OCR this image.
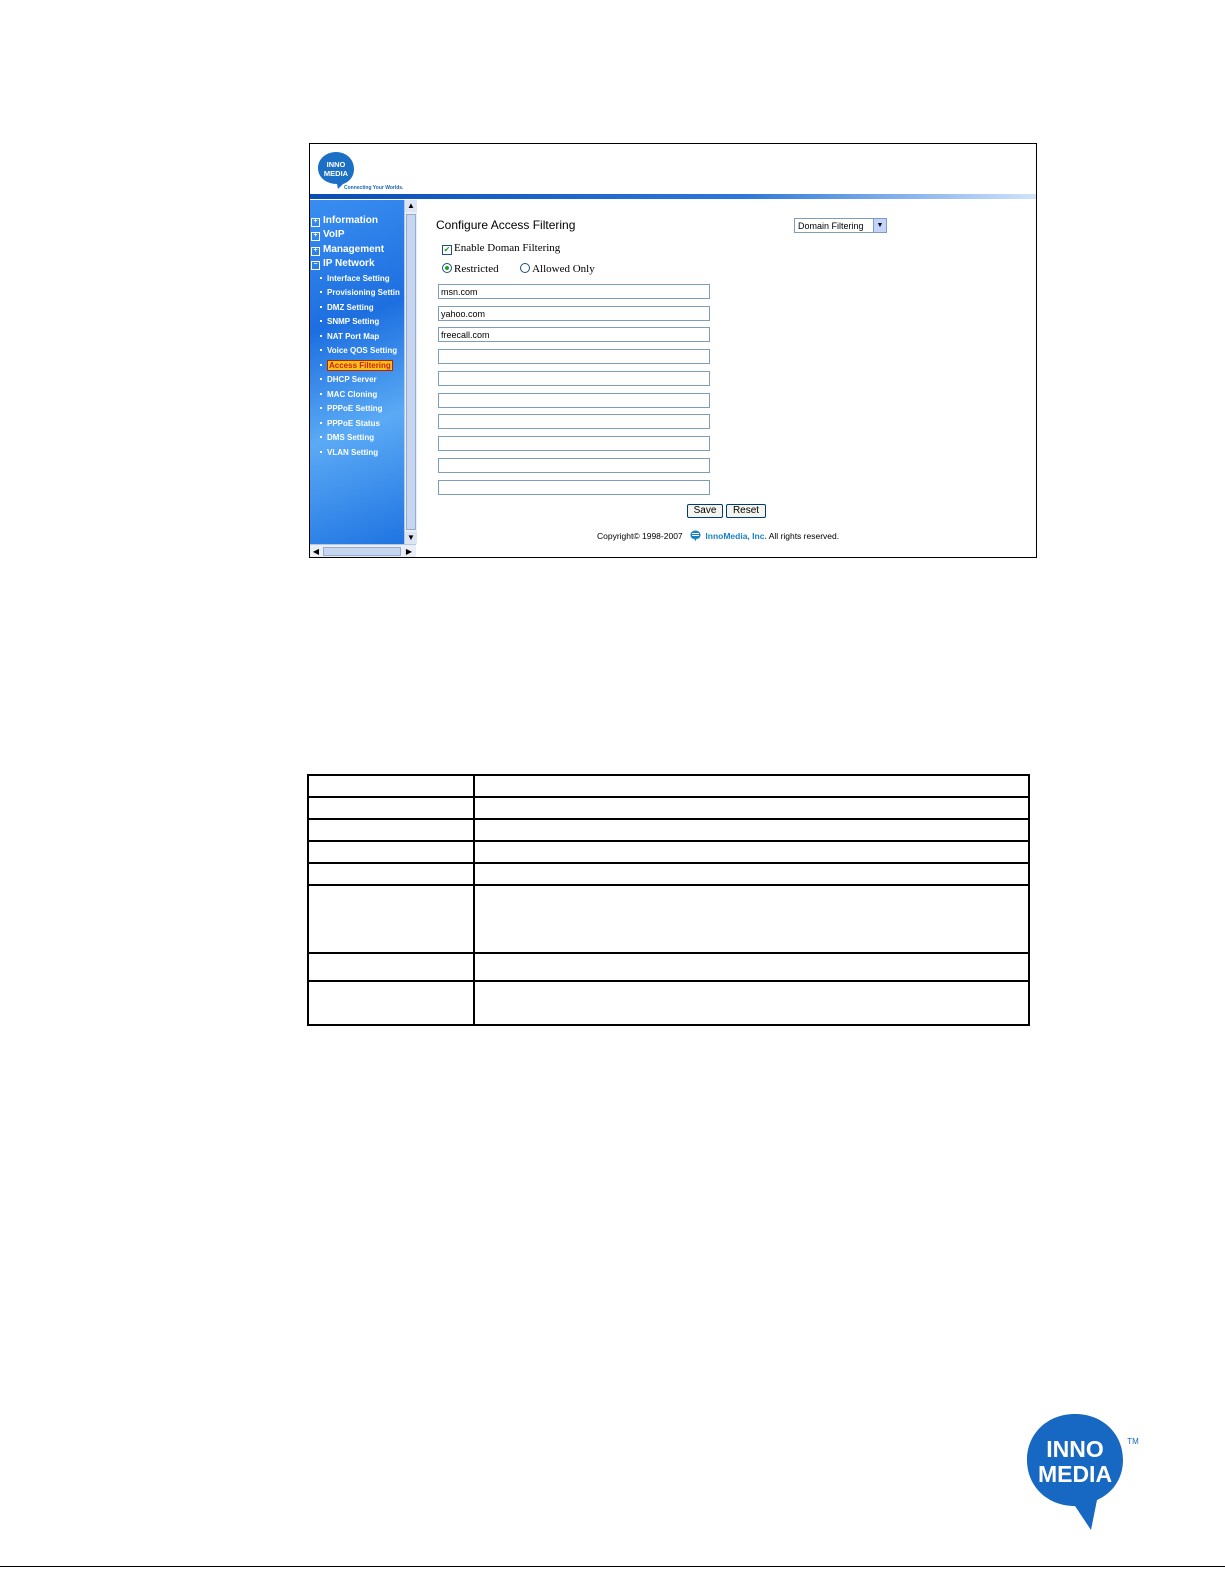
INNO
MEDIA
Connecting Your Worlds.
+ Information
+ VoIP
+ Management
− IP Network
Interface Setting
Provisioning Settin
DMZ Setting
SNMP Setting
NAT Port Map
Voice QOS Setting
Access Filtering
DHCP Server
MAC Cloning
PPPoE Setting
PPPoE Status
DMS Setting
VLAN Setting
▲
▼
◀	▶
Configure Access Filtering	Domain Filtering	▼
✔ Enable Doman Filtering
Restricted	Allowed Only
msn.com
yahoo.com
freecall.com
Save	Reset
Copyright© 1998-2007	InnoMedia, Inc. All rights reserved.

INNO
MEDIA
TM
